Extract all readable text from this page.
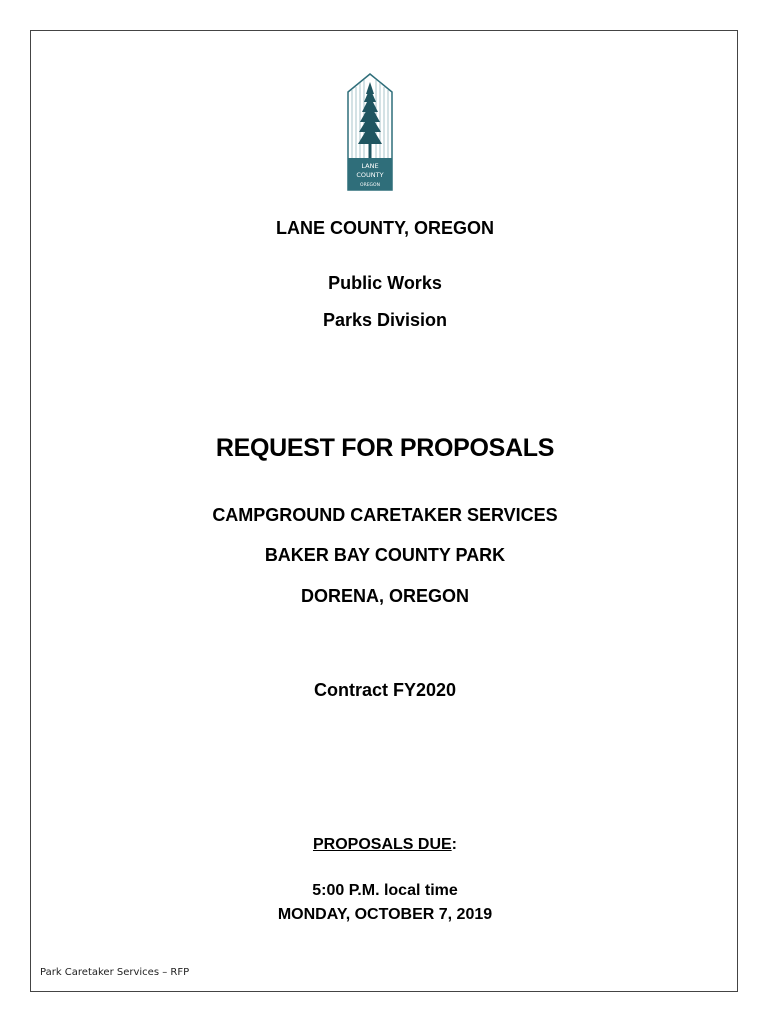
LANE
COUNTY
OREGON
LANE COUNTY, OREGON
Public Works
Parks Division
REQUEST FOR PROPOSALS
CAMPGROUND CARETAKER SERVICES
BAKER BAY COUNTY PARK
DORENA, OREGON
Contract FY2020
PROPOSALS DUE:
5:00 P.M. local time
MONDAY, OCTOBER 7, 2019
Park Caretaker Services – RFP
